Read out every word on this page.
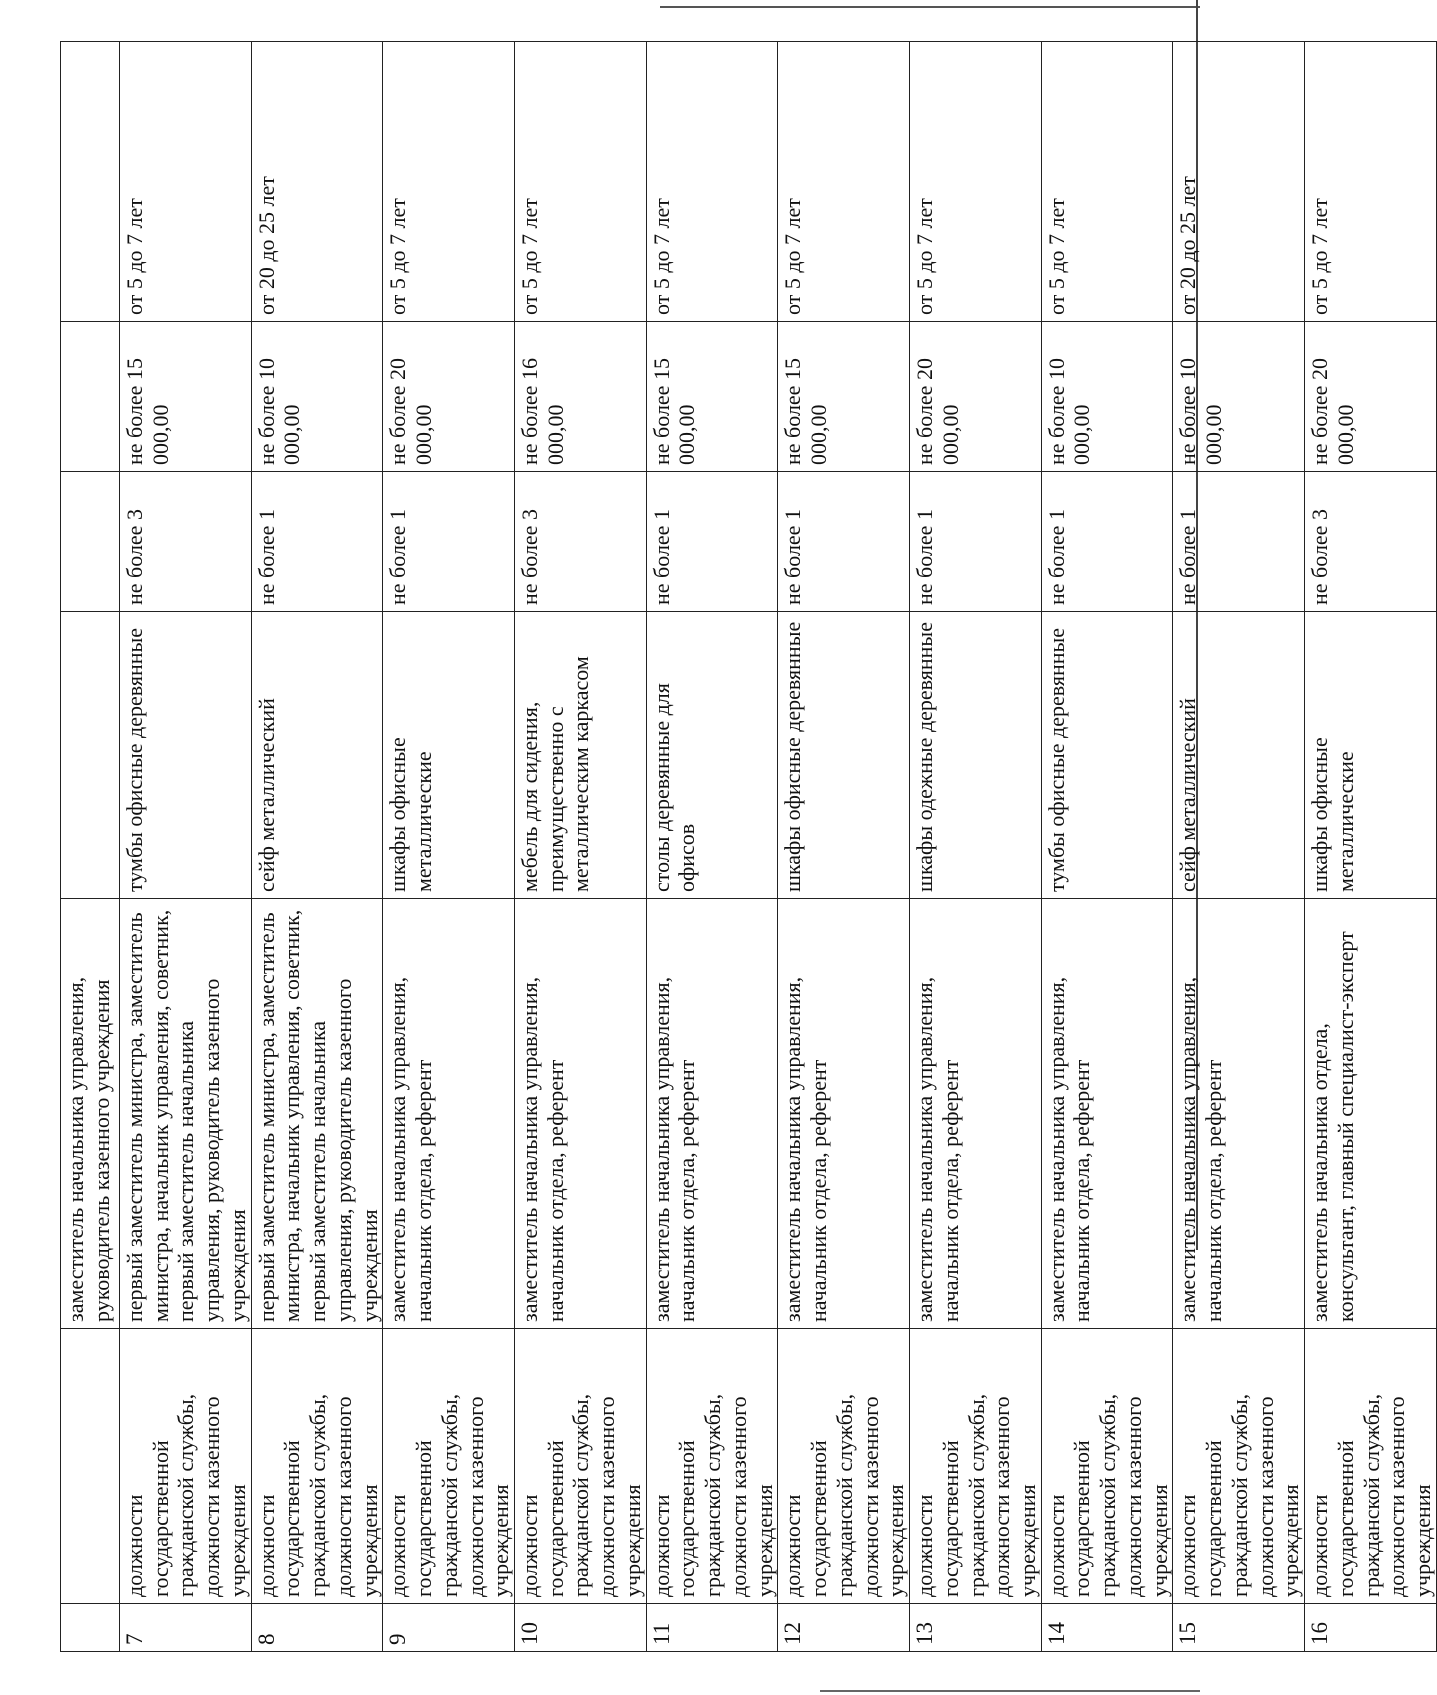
		заместитель начальника управления, руководитель казенного учреждения				
7	должности государственной гражданской службы, должности казенного учреждения	первый заместитель министра, заместитель министра, начальник управления, советник, первый заместитель начальника управления, руководитель казенного учреждения	тумбы офисные деревянные	не более 3	не более 15 000,00	от 5 до 7 лет
8	должности государственной гражданской службы, должности казенного учреждения	первый заместитель министра, заместитель министра, начальник управления, советник, первый заместитель начальника управления, руководитель казенного учреждения	сейф металлический	не более 1	не более 10 000,00	от 20 до 25 лет
9	должности государственной гражданской службы, должности казенного учреждения	заместитель начальника управления, начальник отдела, референт	шкафы офисные металлические	не более 1	не более 20 000,00	от 5 до 7 лет
10	должности государственной гражданской службы, должности казенного учреждения	заместитель начальника управления, начальник отдела, референт	мебель для сидения, преимущественно с металлическим каркасом	не более 3	не более 16 000,00	от 5 до 7 лет
11	должности государственной гражданской службы, должности казенного учреждения	заместитель начальника управления, начальник отдела, референт	столы деревянные для офисов	не более 1	не более 15 000,00	от 5 до 7 лет
12	должности государственной гражданской службы, должности казенного учреждения	заместитель начальника управления, начальник отдела, референт	шкафы офисные деревянные	не более 1	не более 15 000,00	от 5 до 7 лет
13	должности государственной гражданской службы, должности казенного учреждения	заместитель начальника управления, начальник отдела, референт	шкафы одежные деревянные	не более 1	не более 20 000,00	от 5 до 7 лет
14	должности государственной гражданской службы, должности казенного учреждения	заместитель начальника управления, начальник отдела, референт	тумбы офисные деревянные	не более 1	не более 10 000,00	от 5 до 7 лет
15	должности государственной гражданской службы, должности казенного учреждения	заместитель начальника управления, начальник отдела, референт	сейф металлический	не более 1	не более 10 000,00	от 20 до 25 лет
16	должности государственной гражданской службы, должности казенного учреждения	заместитель начальника отдела, консультант, главный специалист-эксперт	шкафы офисные металлические	не более 3	не более 20 000,00	от 5 до 7 лет
